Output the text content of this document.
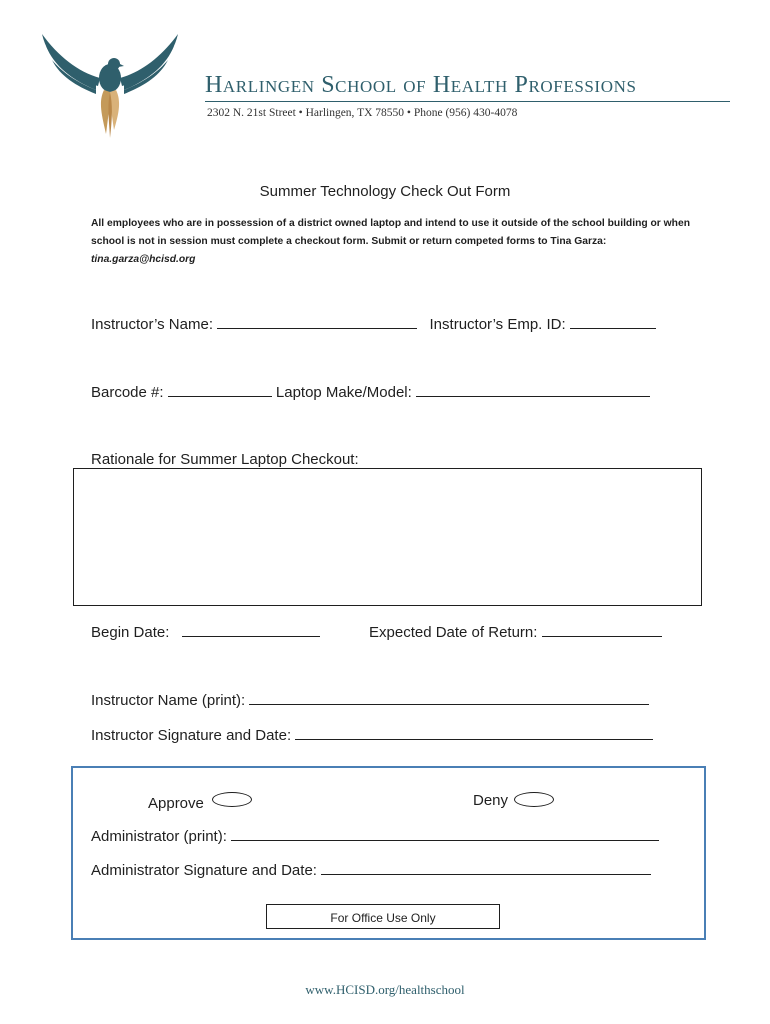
Harlingen School of Health Professions
2302 N. 21st Street • Harlingen, TX 78550 • Phone (956) 430-4078
Summer Technology Check Out Form
All employees who are in possession of a district owned laptop and intend to use it outside of the school building or when school is not in session must complete a checkout form. Submit or return competed forms to Tina Garza: tina.garza@hcisd.org
Instructor’s Name:	Instructor’s Emp. ID:
Barcode #:	Laptop Make/Model:
Rationale for Summer Laptop Checkout:
Begin Date:	Expected Date of Return:
Instructor Name (print):
Instructor Signature and Date:
Approve	Deny
Administrator (print):
Administrator Signature and Date:
For Office Use Only
www.HCISD.org/healthschool
